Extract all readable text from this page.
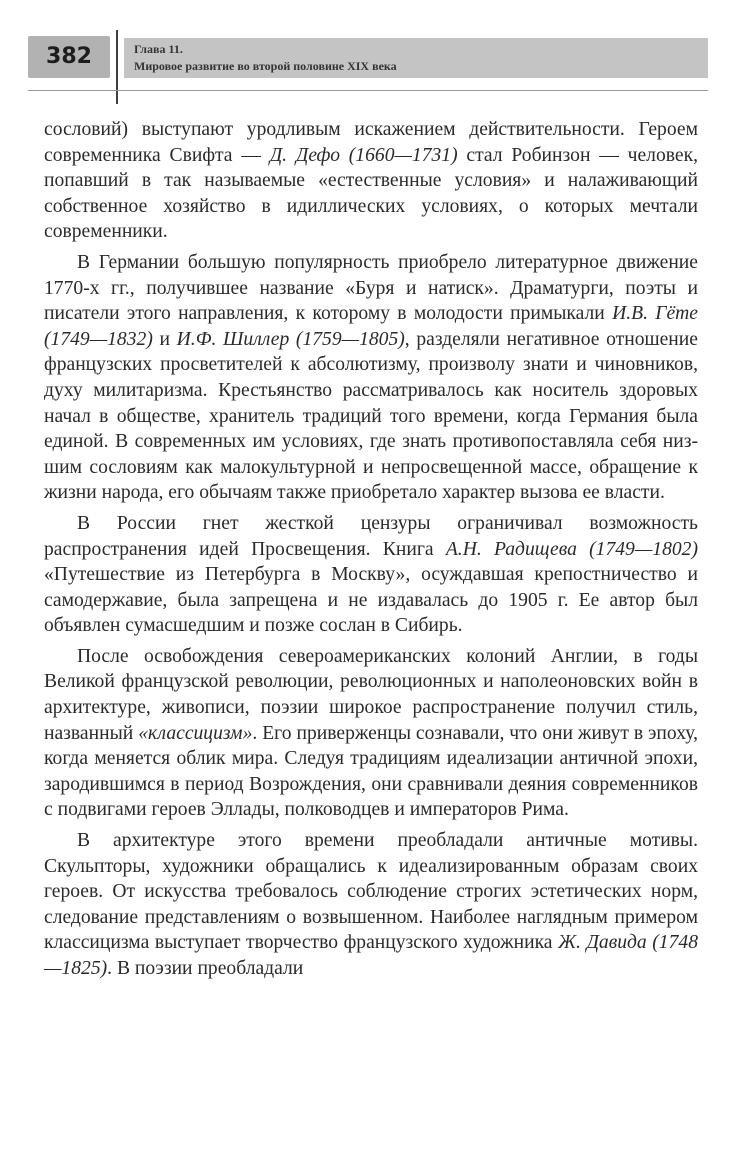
382	Глава 11.
Мировое развитие во второй половине XIX века

сословий) выступают уродливым искажением действительности. Героем современника Свифта — Д. Дефо (1660—1731) стал Робинзон — человек, попавший в так называемые «естественные условия» и налаживающий собственное хозяйство в идиллических условиях, о которых мечтали современники.

В Германии большую популярность приобрело литературное движение 1770-х гг., получившее название «Буря и натиск». Драматурги, поэты и писатели этого направления, к которому в молодости примыкали И.В. Гёте (1749—1832) и И.Ф. Шиллер (1759—1805), разделяли негативное отношение французских просветителей к абсолютизму, произволу знати и чиновников, духу милитаризма. Крестьянство рассматривалось как носитель здоровых начал в обществе, хранитель традиций того времени, когда Германия была единой. В современных им условиях, где знать противопоставляла себя низшим сословиям как малокультурной и непросвещенной массе, обращение к жизни народа, его обычаям также приобретало характер вызова ее власти.

В России гнет жесткой цензуры ограничивал возможность распространения идей Просвещения. Книга А.Н. Радищева (1749—1802) «Путешествие из Петербурга в Москву», осуждавшая крепостничество и самодержавие, была запрещена и не издавалась до 1905 г. Ее автор был объявлен сумасшедшим и позже сослан в Сибирь.

После освобождения североамериканских колоний Англии, в годы Великой французской революции, революционных и наполеоновских войн в архитектуре, живописи, поэзии широкое распространение получил стиль, названный «классицизм». Его приверженцы сознавали, что они живут в эпоху, когда меняется облик мира. Следуя традициям идеализации античной эпохи, зародившимся в период Возрождения, они сравнивали деяния современников с подвигами героев Эллады, полководцев и императоров Рима.

В архитектуре этого времени преобладали античные мотивы. Скульпторы, художники обращались к идеализированным образам своих героев. От искусства требовалось соблюдение строгих эстетических норм, следование представлениям о возвышенном. Наиболее наглядным примером классицизма выступает творчество французского художника Ж. Давида (1748—1825). В поэзии преобладали
